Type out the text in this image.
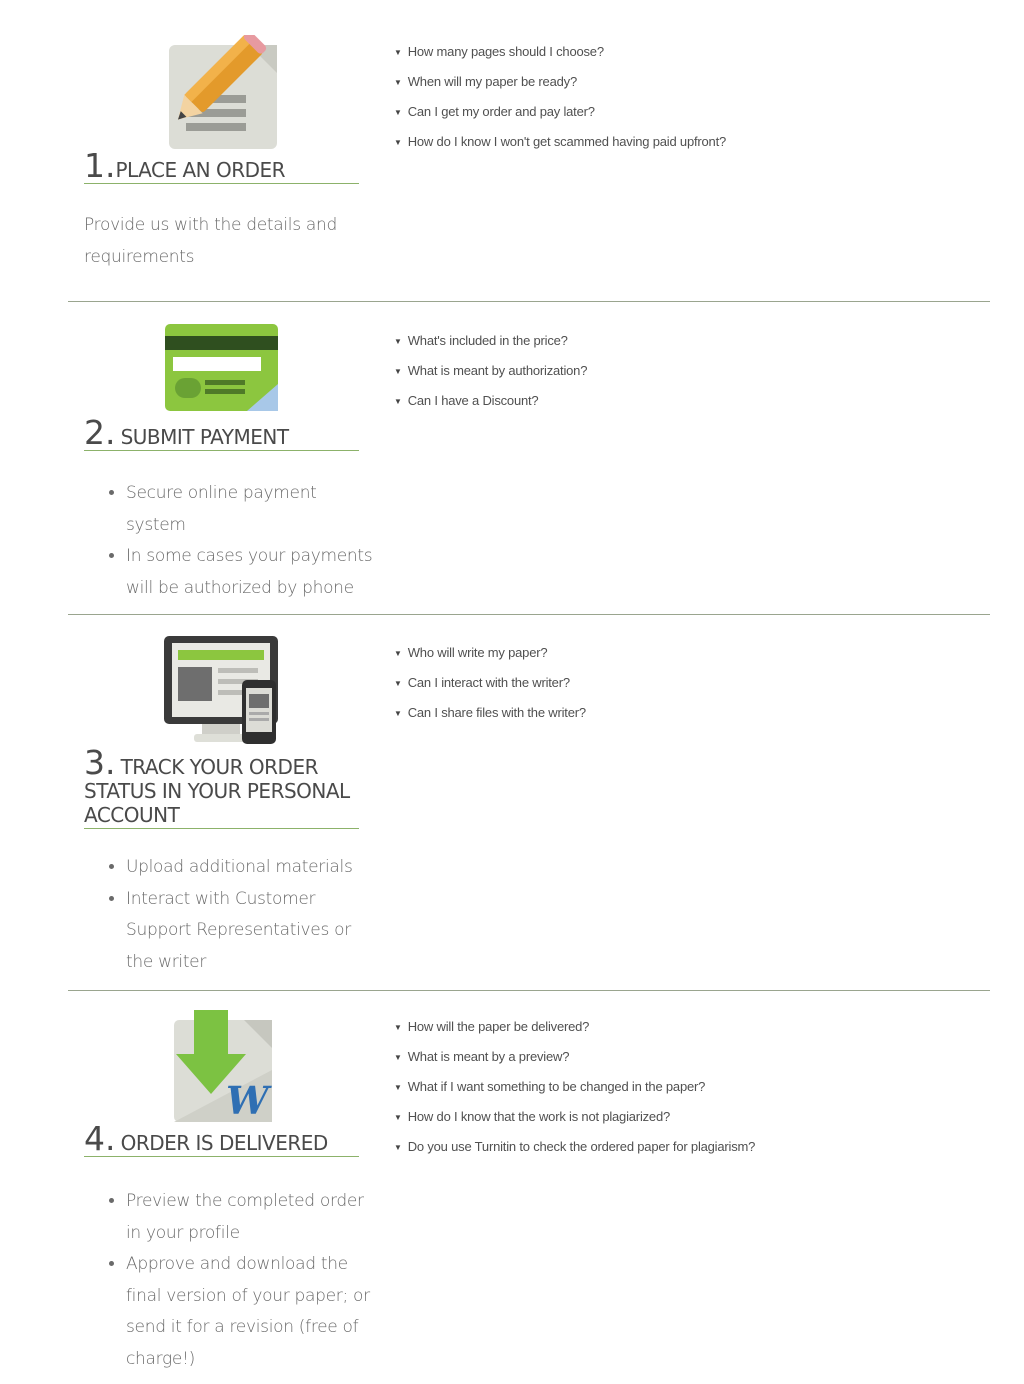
1.PLACE AN ORDER
Provide us with the details and requirements
▼ How many pages should I choose?
▼ When will my paper be ready?
▼ Can I get my order and pay later?
▼ How do I know I won't get scammed having paid upfront?
2. SUBMIT PAYMENT
• Secure online payment system
• In some cases your payments will be authorized by phone
▼ What's included in the price?
▼ What is meant by authorization?
▼ Can I have a Discount?
3. TRACK YOUR ORDER
STATUS IN YOUR PERSONAL
ACCOUNT
• Upload additional materials
• Interact with Customer Support Representatives or the writer
▼ Who will write my paper?
▼ Can I interact with the writer?
▼ Can I share files with the writer?
W
4. ORDER IS DELIVERED
• Preview the completed order in your profile
• Approve and download the final version of your paper; or send it for a revision (free of charge!)
▼ How will the paper be delivered?
▼ What is meant by a preview?
▼ What if I want something to be changed in the paper?
▼ How do I know that the work is not plagiarized?
▼ Do you use Turnitin to check the ordered paper for plagiarism?
